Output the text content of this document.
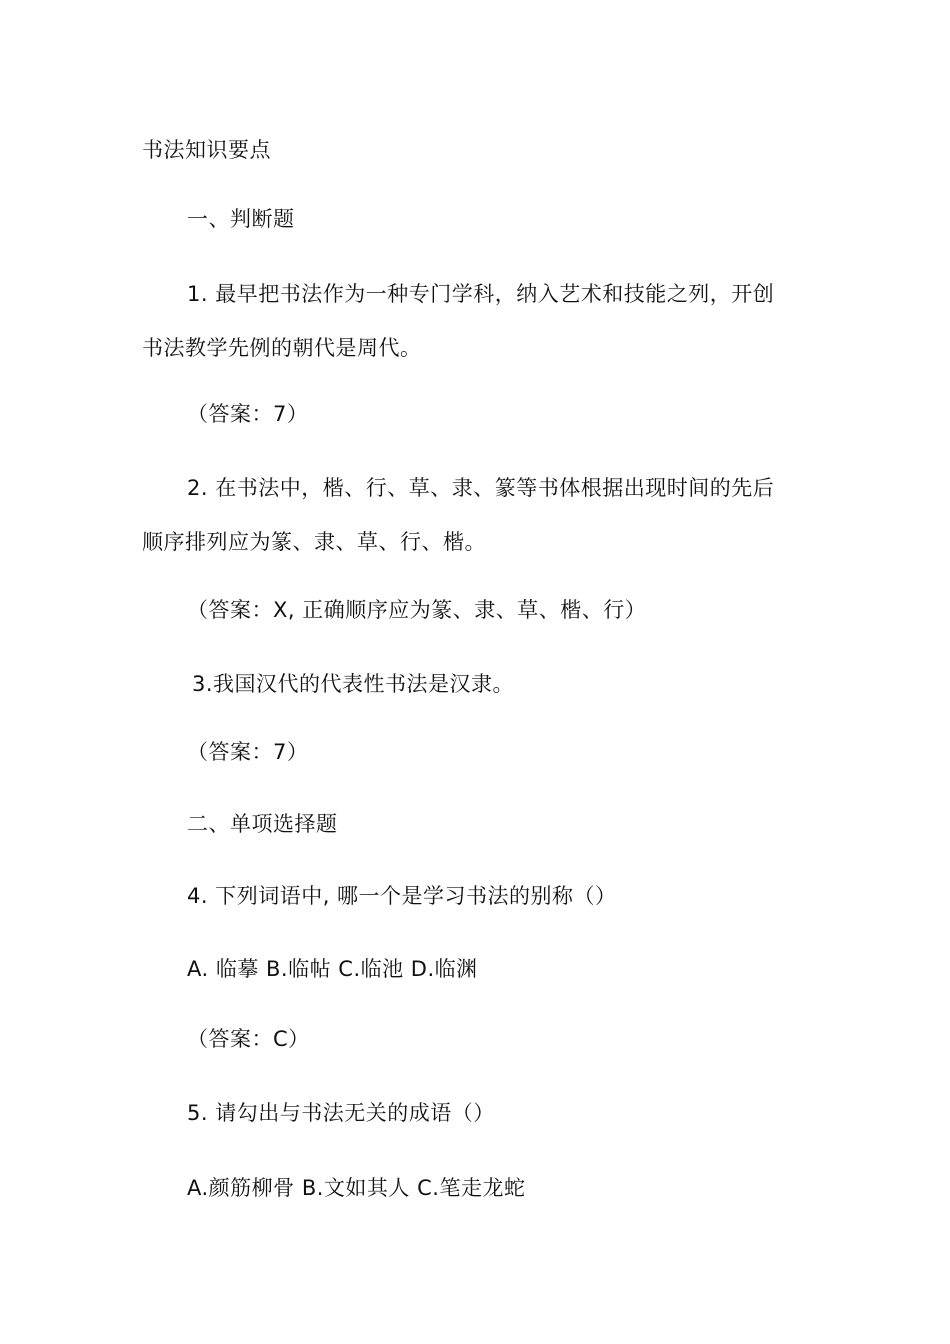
书法知识要点
一、判断题
1. 最早把书法作为一种专门学科，纳入艺术和技能之列，开创
书法教学先例的朝代是周代。
（答案：7）
2. 在书法中，楷、行、草、隶、篆等书体根据出现时间的先后
顺序排列应为篆、隶、草、行、楷。
（答案：X, 正确顺序应为篆、隶、草、楷、行）
3.我国汉代的代表性书法是汉隶。
（答案：7）
二、单项选择题
4. 下列词语中, 哪一个是学习书法的别称（）
A. 临摹 B.临帖 C.临池 D.临渊
（答案：C）
5. 请勾出与书法无关的成语（）
A.颜筋柳骨 B.文如其人 C.笔走龙蛇
